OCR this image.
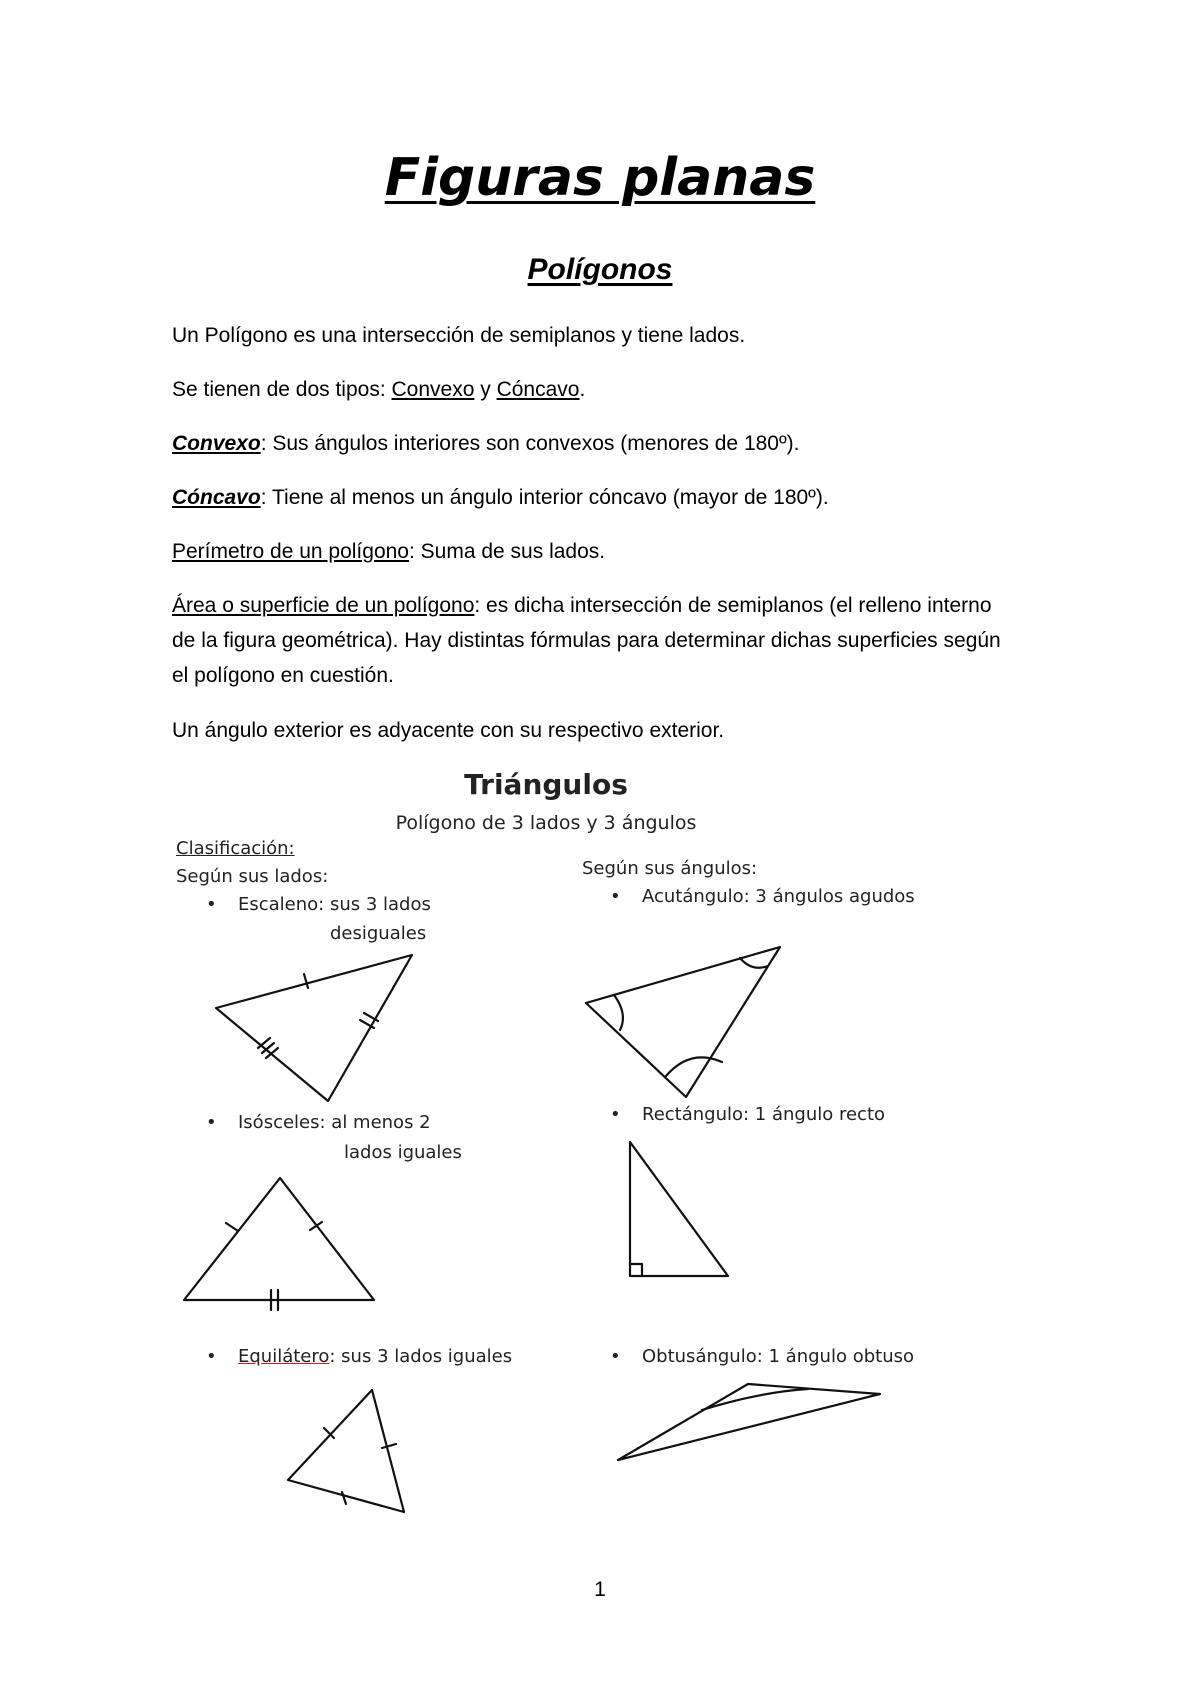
Figuras planas
Polígonos

Un Polígono es una intersección de semiplanos y tiene lados.

Se tienen de dos tipos: Convexo y Cóncavo.

Convexo: Sus ángulos interiores son convexos (menores de 180º).

Cóncavo: Tiene al menos un ángulo interior cóncavo (mayor de 180º).

Perímetro de un polígono: Suma de sus lados.

Área o superficie de un polígono: es dicha intersección de semiplanos (el relleno interno de la figura geométrica). Hay distintas fórmulas para determinar dichas superficies según el polígono en cuestión.

Un ángulo exterior es adyacente con su respectivo exterior.

Triángulos
Polígono de 3 lados y 3 ángulos
Clasificación:
Según sus lados:	Según sus ángulos:
• Escaleno: sus 3 lados
desiguales
• Acutángulo: 3 ángulos agudos
• Isósceles: al menos 2
lados iguales
• Rectángulo: 1 ángulo recto
• Equilátero: sus 3 lados iguales	• Obtusángulo: 1 ángulo obtuso
1
